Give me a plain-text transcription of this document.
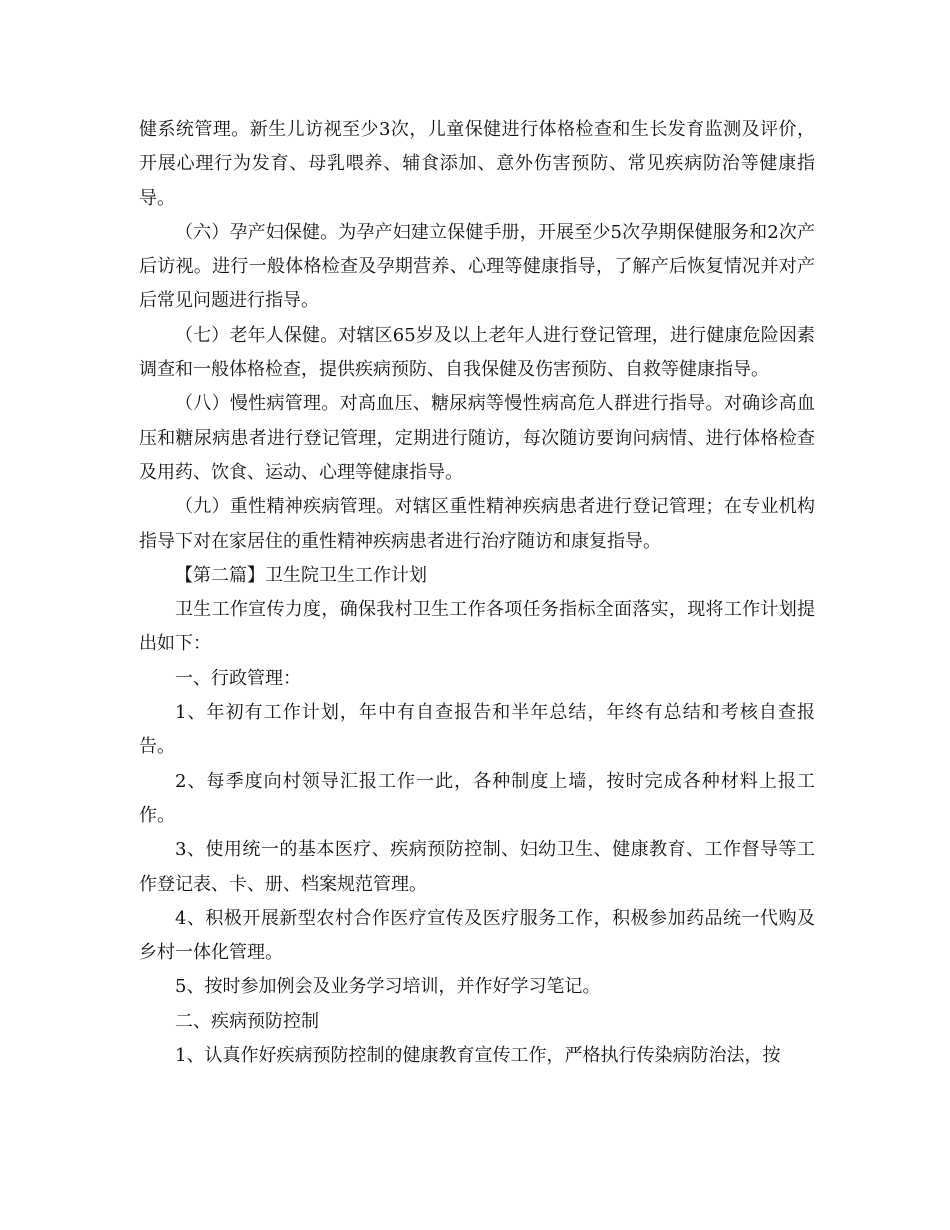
健系统管理。新生儿访视至少3次，儿童保健进行体格检查和生长发育监测及评价，开展心理行为发育、母乳喂养、辅食添加、意外伤害预防、常见疾病防治等健康指导。

（六）孕产妇保健。为孕产妇建立保健手册，开展至少5次孕期保健服务和2次产后访视。进行一般体格检查及孕期营养、心理等健康指导，了解产后恢复情况并对产后常见问题进行指导。

（七）老年人保健。对辖区65岁及以上老年人进行登记管理，进行健康危险因素调查和一般体格检查，提供疾病预防、自我保健及伤害预防、自救等健康指导。

（八）慢性病管理。对高血压、糖尿病等慢性病高危人群进行指导。对确诊高血压和糖尿病患者进行登记管理，定期进行随访，每次随访要询问病情、进行体格检查及用药、饮食、运动、心理等健康指导。

（九）重性精神疾病管理。对辖区重性精神疾病患者进行登记管理；在专业机构指导下对在家居住的重性精神疾病患者进行治疗随访和康复指导。

【第二篇】卫生院卫生工作计划

卫生工作宣传力度，确保我村卫生工作各项任务指标全面落实，现将工作计划提出如下：

一、行政管理：

1、年初有工作计划，年中有自查报告和半年总结，年终有总结和考核自查报告。

2、每季度向村领导汇报工作一此，各种制度上墙，按时完成各种材料上报工作。

3、使用统一的基本医疗、疾病预防控制、妇幼卫生、健康教育、工作督导等工作登记表、卡、册、档案规范管理。

4、积极开展新型农村合作医疗宣传及医疗服务工作，积极参加药品统一代购及乡村一体化管理。

5、按时参加例会及业务学习培训，并作好学习笔记。

二、疾病预防控制

1、认真作好疾病预防控制的健康教育宣传工作，严格执行传染病防治法，按
